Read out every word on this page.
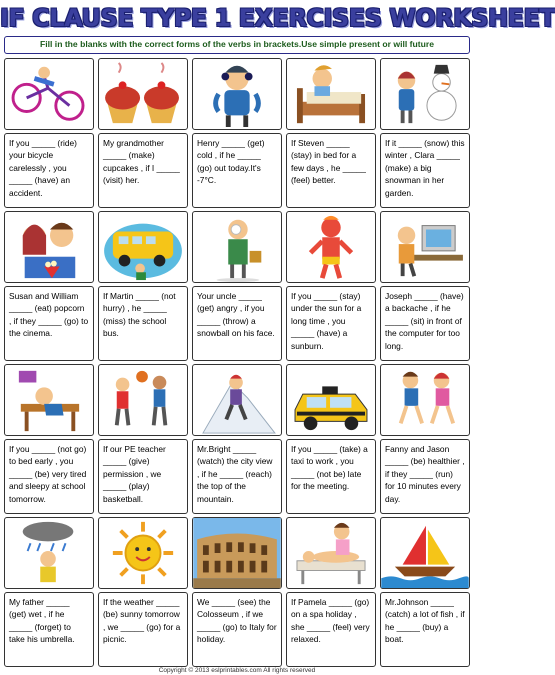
IF CLAUSE TYPE 1 EXERCISES WORKSHEET
Fill in the blanks with the correct forms of the verbs in brackets.Use simple present or will future
If you _____ (ride) your bicycle carelessly , you _____ (have) an accident.
My grandmother _____ (make) cupcakes , if I _____ (visit) her.
Henry _____ (get) cold , if he _____ (go) out today.It's -7°C.
If Steven _____ (stay) in bed for a few days , he _____ (feel) better.
If it _____ (snow) this winter , Clara _____ (make) a big snowman in her garden.
Susan and William _____ (eat) popcorn , if they _____ (go) to the cinema.
If Martin _____ (not hurry) , he _____ (miss) the school bus.
Your uncle _____ (get) angry , if you _____ (throw) a snowball on his face.
If you _____ (stay) under the sun for a long time , you _____ (have) a sunburn.
Joseph _____ (have) a backache , if he _____ (sit) in front of the computer for too long.
If you _____ (not go) to bed early , you _____ (be) very tired and sleepy at school tomorrow.
If our PE teacher _____ (give) permission , we _____ (play) basketball.
Mr.Bright _____ (watch) the city view , if he _____ (reach) the top of the mountain.
If you _____ (take) a taxi to work , you _____ (not be) late for the meeting.
Fanny and Jason _____ (be) healthier , if they _____ (run) for 10 minutes every day.
My father _____ (get) wet , if he _____ (forget) to take his umbrella.
If the weather _____ (be) sunny tomorrow , we _____ (go) for a picnic.
We _____ (see) the Colosseum , if we _____ (go) to Italy for holiday.
If Pamela _____ (go) on a spa holiday , she _____ (feel) very relaxed.
Mr.Johnson _____ (catch) a lot of fish , if he _____ (buy) a boat.
Copyright © 2013 eslprintables.com All rights reserved
